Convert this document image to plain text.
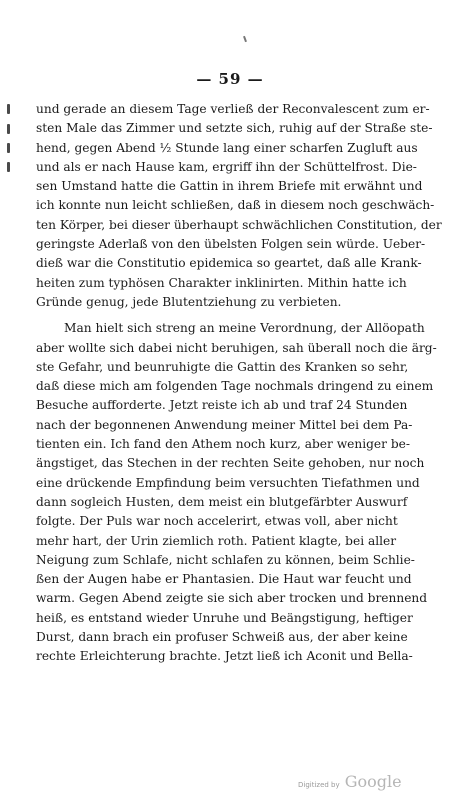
— 59 —
und gerade an diesem Tage verließ der Reconvalescent zum er-
sten Male das Zimmer und setzte sich, ruhig auf der Straße ste-
hend, gegen Abend ½ Stunde lang einer scharfen Zugluft aus
und als er nach Hause kam, ergriff ihn der Schüttelfrost. Die-
sen Umstand hatte die Gattin in ihrem Briefe mit erwähnt und
ich konnte nun leicht schließen, daß in diesem noch geschwäch-
ten Körper, bei dieser überhaupt schwächlichen Constitution, der
geringste Aderlaß von den übelsten Folgen sein würde. Ueber-
dieß war die Constitutio epidemica so geartet, daß alle Krank-
heiten zum typhösen Charakter inklinirten. Mithin hatte ich
Gründe genug, jede Blutentziehung zu verbieten.
Man hielt sich streng an meine Verordnung, der Allöopath
aber wollte sich dabei nicht beruhigen, sah überall noch die ärg-
ste Gefahr, und beunruhigte die Gattin des Kranken so sehr,
daß diese mich am folgenden Tage nochmals dringend zu einem
Besuche aufforderte. Jetzt reiste ich ab und traf 24 Stunden
nach der begonnenen Anwendung meiner Mittel bei dem Pa-
tienten ein. Ich fand den Athem noch kurz, aber weniger be-
ängstiget, das Stechen in der rechten Seite gehoben, nur noch
eine drückende Empfindung beim versuchten Tiefathmen und
dann sogleich Husten, dem meist ein blutgefärbter Auswurf
folgte. Der Puls war noch accelerirt, etwas voll, aber nicht
mehr hart, der Urin ziemlich roth. Patient klagte, bei aller
Neigung zum Schlafe, nicht schlafen zu können, beim Schlie-
ßen der Augen habe er Phantasien. Die Haut war feucht und
warm. Gegen Abend zeigte sie sich aber trocken und brennend
heiß, es entstand wieder Unruhe und Beängstigung, heftiger
Durst, dann brach ein profuser Schweiß aus, der aber keine
rechte Erleichterung brachte. Jetzt ließ ich Aconit und Bella-
Digitized by Google
